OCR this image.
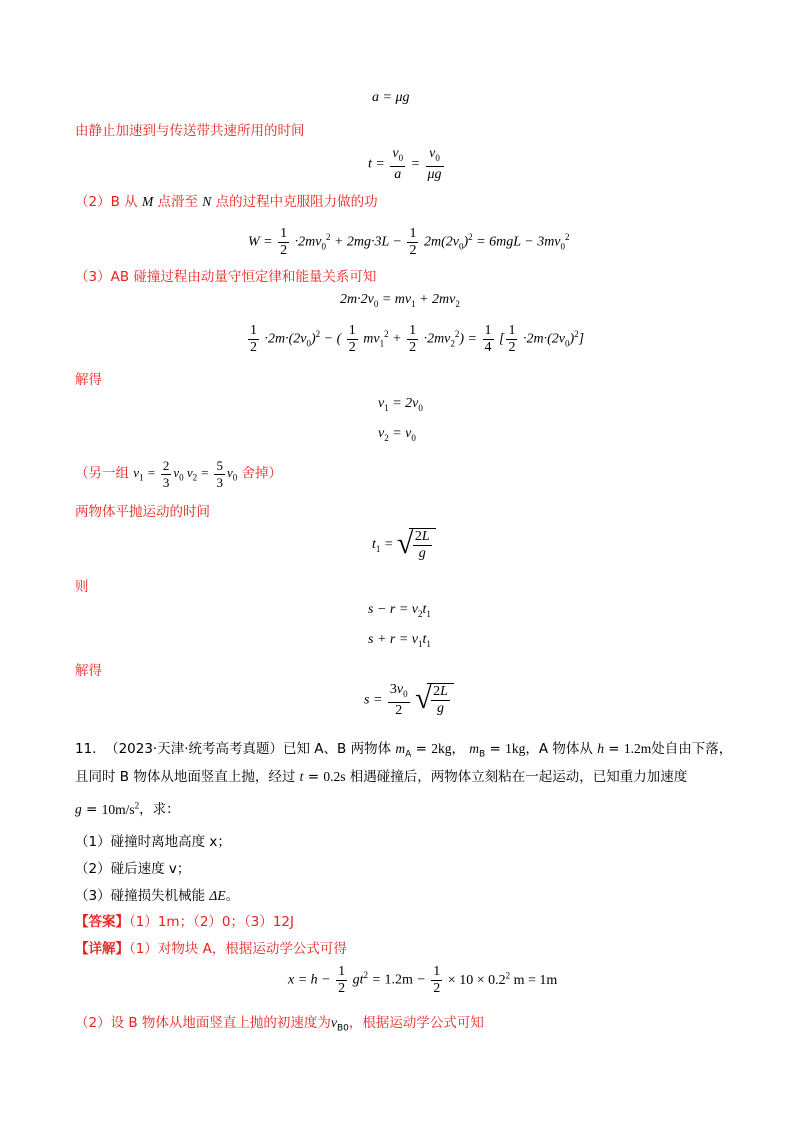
a = μg
由静止加速到与传送带共速所用的时间
$t = \frac{v_0}{a} = \frac{v_0}{\mu g}$
（2）B 从 M 点滑至 N 点的过程中克服阻力做的功
$W = \frac{1}{2} \cdot 2mv_0^2 + 2mg\cdot 3L - \frac{1}{2} 2m(2v_0)^2 = 6mgL - 3mv_0^2$
（3）AB 碰撞过程由动量守恒定律和能量关系可知
$2m\cdot 2v_0 = mv_1 + 2mv_2$
$\frac{1}{2} \cdot 2m\cdot(2v_0)^2$ − ( $\frac{1}{2} mv_1^2 + \frac{1}{2} \cdot 2mv_2^2) = \frac{1}{4}$ [ $\frac{1}{2} \cdot 2m\cdot(2v_0)^2$]
解得
$v_1 = 2v_0$
$v_2 = v_0$
（另一组 $v_1 = \frac{2}{3} v_0$ $v_2 = \frac{5}{3} v_0$ 舍掉）
两物体平抛运动的时间
$t_1$ = √ $\frac{2L}{g}$
则
$s - r = v_2t_1$
$s + r = v_1t_1$
解得
$s = \frac{3v_0}{2}$
√ $\frac{2L}{g}$
11. （2023·天津·统考高考真题）已知 A、B 两物体 $m_A = 2kg$， $m_B = 1kg$，A 物体从 h = 1.2m处自由下落，
且同时 B 物体从地面竖直上抛，经过 t = 0.2s 相遇碰撞后，两物体立刻粘在一起运动，已知重力加速度
$g = 10m/s^2$，求：
（1）碰撞时离地高度 x；
（2）碰后速度 v；
（3）碰撞损失机械能 ΔE。
【答案】（1）1m；（2）0；（3）12J
【详解】（1）对物块 A，根据运动学公式可得
$x = h - \frac{1}{2} gt^2 = 1.2m - \frac{1}{2} \times 10 \times 0.2^2$ m = 1m
（2）设 B 物体从地面竖直上抛的初速度为$v_{B0}$，根据运动学公式可知
